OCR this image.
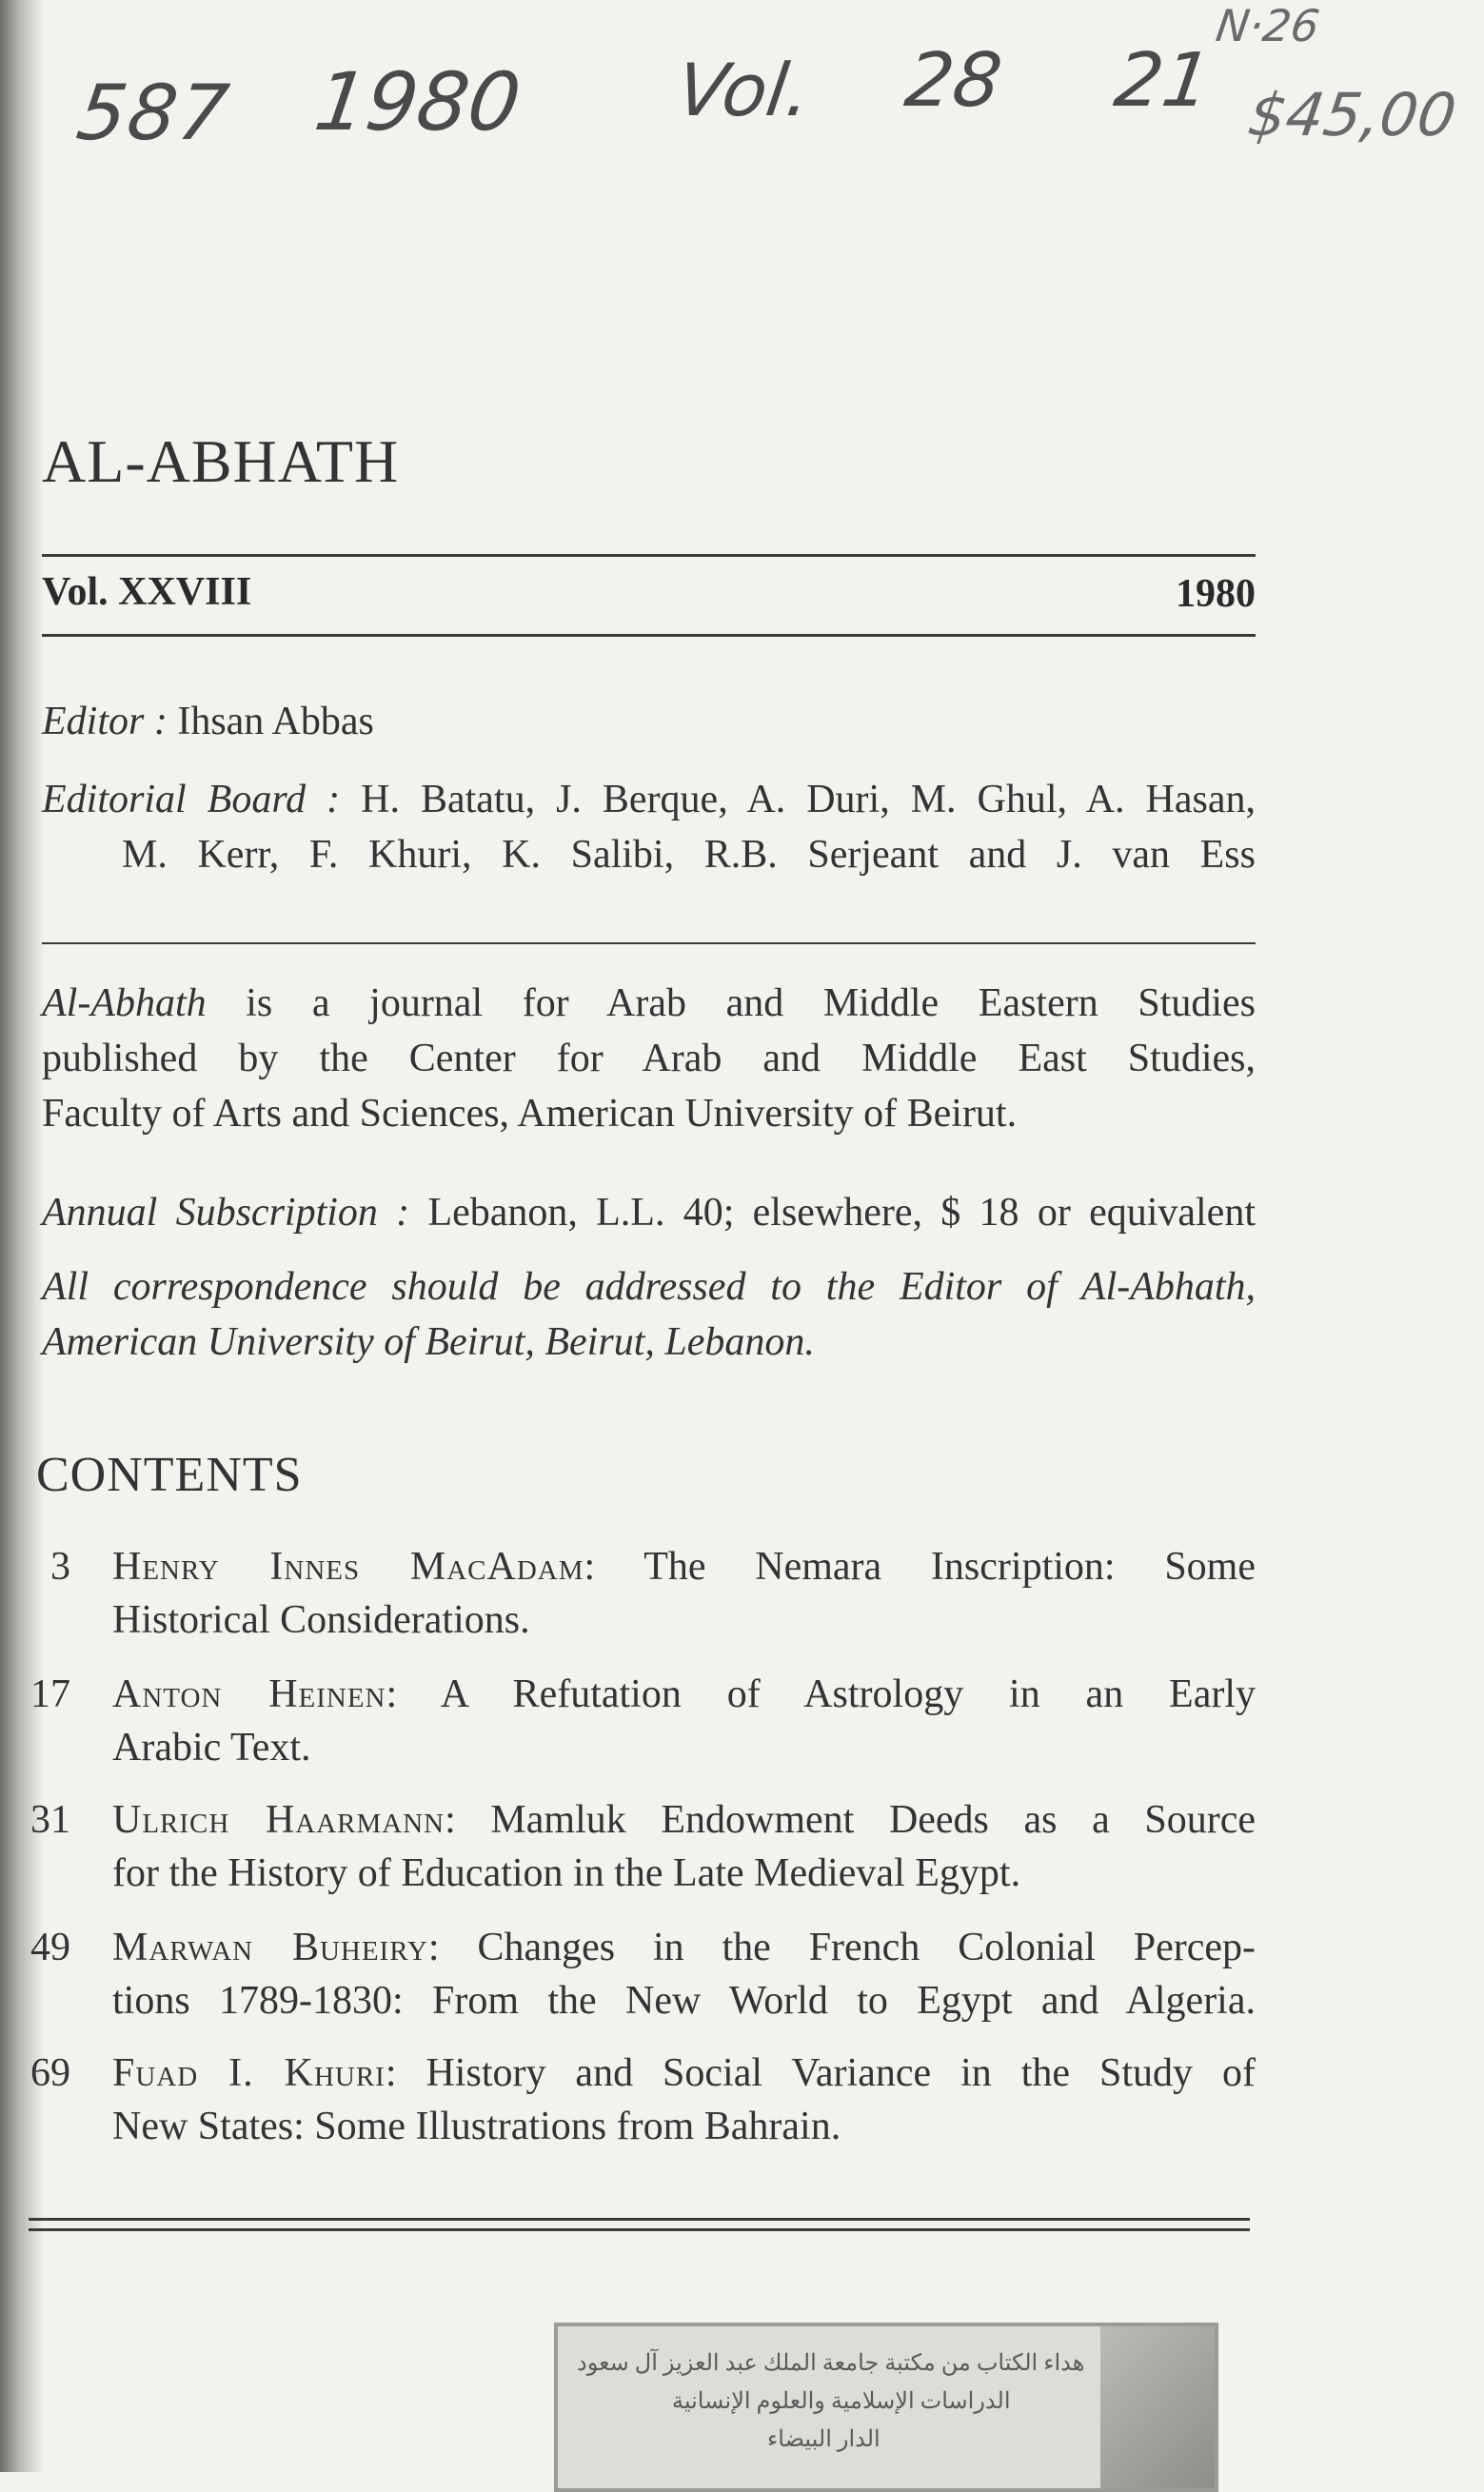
587 1980 Vol. 28 21
N·26
$45,00
AL-ABHATH
Vol. XXVIII	1980
Editor : Ihsan Abbas
Editorial Board : H. Batatu, J. Berque, A. Duri, M. Ghul, A. Hasan,
M. Kerr, F. Khuri, K. Salibi, R.B. Serjeant and J. van Ess
Al-Abhath is a journal for Arab and Middle Eastern Studies
published by the Center for Arab and Middle East Studies,
Faculty of Arts and Sciences, American University of Beirut.
Annual Subscription : Lebanon, L.L. 40; elsewhere, $ 18 or equivalent
All correspondence should be addressed to the Editor of Al-Abhath,
American University of Beirut, Beirut, Lebanon.
CONTENTS
3 Henry Innes MacAdam: The Nemara Inscription: Some
Historical Considerations.
17 Anton Heinen: A Refutation of Astrology in an Early
Arabic Text.
31 Ulrich Haarmann: Mamluk Endowment Deeds as a Source
for the History of Education in the Late Medieval Egypt.
49 Marwan Buheiry: Changes in the French Colonial Percep-
tions 1789-1830: From the New World to Egypt and Algeria.
69 Fuad I. Khuri: History and Social Variance in the Study of
New States: Some Illustrations from Bahrain.
هداء الكتاب من مكتبة جامعة الملك عبد العزيز آل سعود
الدراسات الإسلامية والعلوم الإنسانية
الدار البيضاء
